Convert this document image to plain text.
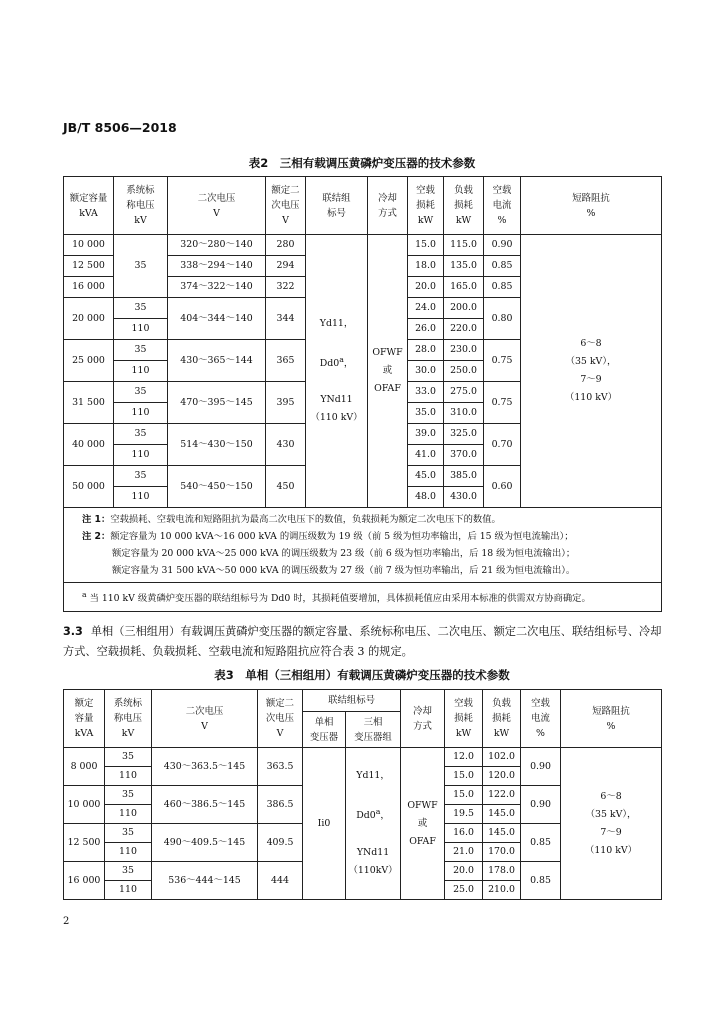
JB/T 8506—2018
表2　三相有载调压黄磷炉变压器的技术参数
额定容量
kVA	系统标
称电压
kV	二次电压
V	额定二
次电压
V	联结组
标号	冷却
方式	空载
损耗
kW	负载
损耗
kW	空载
电流
%	短路阻抗
%
10 000	35	320～280～140	280	Yd11，

Dd0$^a$，

YNd11
（110 kV）	OFWF
或
OFAF	15.0	115.0	0.90	6～8
（35 kV），
7～9
（110 kV）
12 500		338～294～140	294			18.0	135.0	0.85	
16 000		374～322～140	322			20.0	165.0	0.85	
20 000	35	404～344～140	344			24.0	200.0	0.80	
	110					26.0	220.0		
25 000	35	430～365～144	365			28.0	230.0	0.75	
	110					30.0	250.0		
31 500	35	470～395～145	395			33.0	275.0	0.75	
	110					35.0	310.0		
40 000	35	514～430～150	430			39.0	325.0	0.70	
	110					41.0	370.0		
50 000	35	540～450～150	450			45.0	385.0	0.60	
	110					48.0	430.0		
注 1：空载损耗、空载电流和短路阻抗为最高二次电压下的数值，负载损耗为额定二次电压下的数值。
注 2：额定容量为 10 000 kVA～16 000 kVA 的调压级数为 19 级（前 5 级为恒功率输出，后 15 级为恒电流输出）；
额定容量为 20 000 kVA～25 000 kVA 的调压级数为 23 级（前 6 级为恒功率输出，后 18 级为恒电流输出）；
额定容量为 31 500 kVA～50 000 kVA 的调压级数为 27 级（前 7 级为恒功率输出，后 21 级为恒电流输出）。									

$^a$ 当 110 kV 级黄磷炉变压器的联结组标号为 Dd0 时，其损耗值要增加，具体损耗值应由采用本标准的供需双方协商确定。									
3.3 单相（三相组用）有载调压黄磷炉变压器的额定容量、系统标称电压、二次电压、额定二次电压、联结组标号、冷却方式、空载损耗、负载损耗、空载电流和短路阻抗应符合表 3 的规定。
表3　单相（三相组用）有载调压黄磷炉变压器的技术参数
额定
容量
kVA	系统标
称电压
kV	二次电压
V	额定二
次电压
V	联结组标号		冷却
方式	空载
损耗
kW	负载
损耗
kW	空载
电流
%	短路阻抗
%
				单相
变压器	三相
变压器组					
8 000	35	430～363.5～145	363.5	Ii0	Yd11，

Dd0$^a$，

YNd11
（110kV）	OFWF
或
OFAF	12.0	102.0	0.90	6～8
（35 kV），
7～9
（110 kV）
	110						15.0	120.0		
10 000	35	460～386.5～145	386.5				15.0	122.0	0.90	
	110						19.5	145.0		
12 500	35	490～409.5～145	409.5				16.0	145.0	0.85	
	110						21.0	170.0		
16 000	35	536～444～145	444				20.0	178.0	0.85	
	110						25.0	210.0		
2
